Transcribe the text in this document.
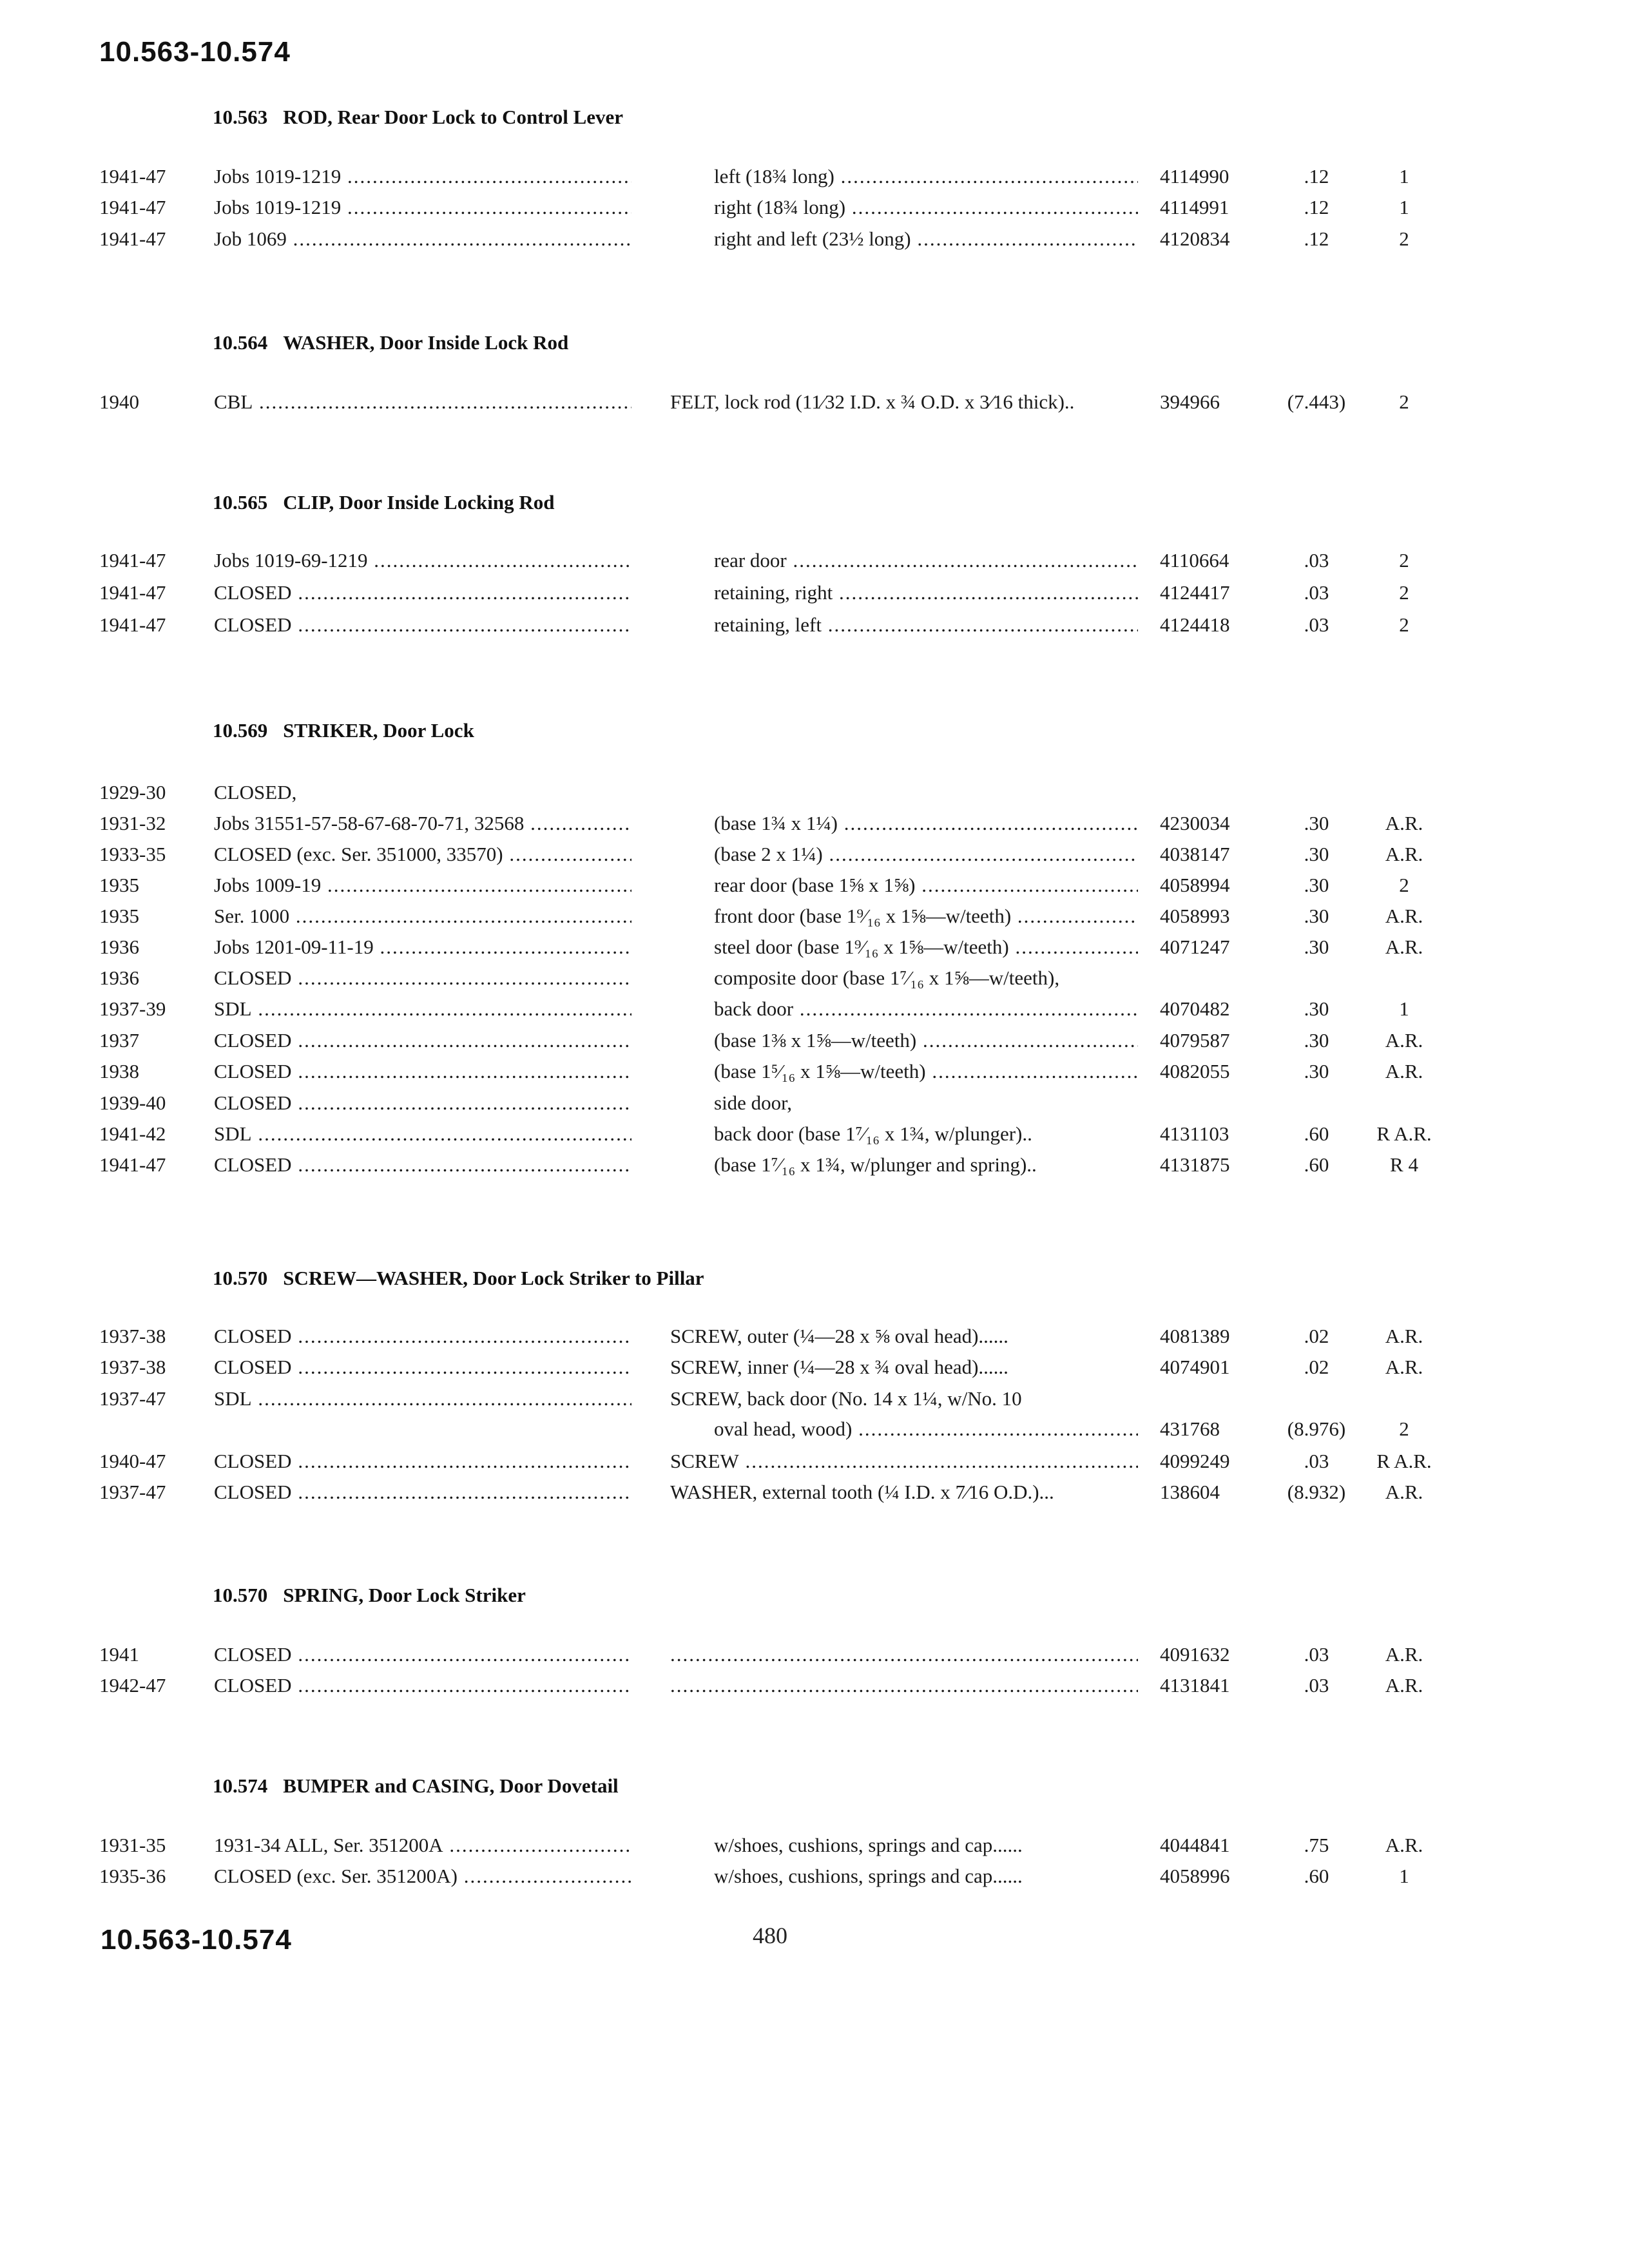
10.563-10.574
10.563 ROD, Rear Door Lock to Control Lever
1941-47 Jobs 1019-1219 .....	left (18¾ long) .....	4114990	.12	1
1941-47 Jobs 1019-1219 .....	right (18¾ long) .....	4114991	.12	1
1941-47 Job 1069 .....	right and left (23½ long) .....	4120834	.12	2
10.564 WASHER, Door Inside Lock Rod
1940	CBL .....	FELT, lock rod (11⁄32 I.D. x ¾ O.D. x 3⁄16 thick)..	394966	(7.443)	2
10.565 CLIP, Door Inside Locking Rod
1941-47 Jobs 1019-69-1219 .....	rear door .....	4110664	.03	2
1941-47 CLOSED .....	retaining, right .....	4124417	.03	2
1941-47 CLOSED .....	retaining, left .....	4124418	.03	2
10.569 STRIKER, Door Lock
1929-30 CLOSED,
1931-32 Jobs 31551-57-58-67-68-70-71, 32568 .....	(base 1¾ x 1¼) .....	4230034	.30	A.R.
1933-35 CLOSED (exc. Ser. 351000, 33570) .....	(base 2 x 1¼) .....	4038147	.30	A.R.
1935	Jobs 1009-19 .....	rear door (base 1⅝ x 1⅝) .....	4058994	.30	2
1935	Ser. 1000 .....	front door (base 1⁹⁄₁₆ x 1⅝—w/teeth) .....	4058993	.30	A.R.
1936	Jobs 1201-09-11-19 .....	steel door (base 1⁹⁄₁₆ x 1⅝—w/teeth) .....	4071247	.30	A.R.
1936	CLOSED .....	composite door (base 1⁷⁄₁₆ x 1⅝—w/teeth),
1937-39 SDL .....	back door .....	4070482	.30	1
1937	CLOSED .....	(base 1⅜ x 1⅝—w/teeth) .....	4079587	.30	A.R.
1938	CLOSED .....	(base 1⁵⁄₁₆ x 1⅝—w/teeth) .....	4082055	.30	A.R.
1939-40 CLOSED .....	side door,
1941-42 SDL .....	back door (base 1⁷⁄₁₆ x 1¾, w/plunger)..	4131103	.60	R A.R.
1941-47 CLOSED .....	(base 1⁷⁄₁₆ x 1¾, w/plunger and spring)..	4131875	.60	R 4
10.570 SCREW—WASHER, Door Lock Striker to Pillar
1937-38 CLOSED .....	SCREW, outer (¼—28 x ⅝ oval head)......	4081389	.02	A.R.
1937-38 CLOSED .....	SCREW, inner (¼—28 x ¾ oval head)......	4074901	.02	A.R.
1937-47 SDL .....	SCREW, back door (No. 14 x 1¼, w/No. 10
oval head, wood) .....	431768	(8.976)	2
1940-47 CLOSED .....	SCREW .....	4099249	.03	R A.R.
1937-47 CLOSED .....	WASHER, external tooth (¼ I.D. x 7⁄16 O.D.)...	138604	(8.932)	A.R.
10.570 SPRING, Door Lock Striker
1941	CLOSED ..... .....	4091632	.03	A.R.
1942-47 CLOSED ..... .....	4131841	.03	A.R.
10.574 BUMPER and CASING, Door Dovetail
1931-35 1931-34 ALL, Ser. 351200A .....	w/shoes, cushions, springs and cap......	4044841	.75	A.R.
1935-36 CLOSED (exc. Ser. 351200A) .....	w/shoes, cushions, springs and cap......	4058996	.60	1
10.563-10.574	480
